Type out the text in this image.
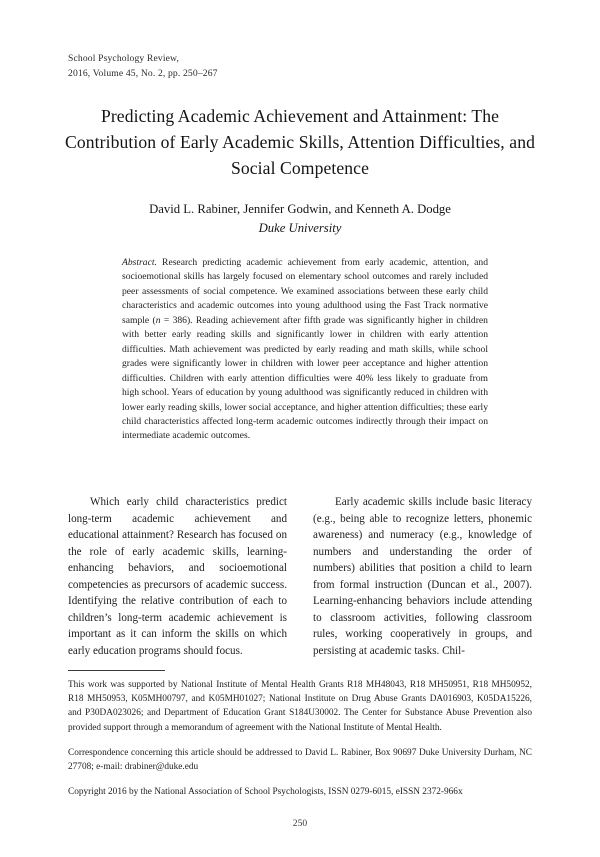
School Psychology Review,
2016, Volume 45, No. 2, pp. 250–267
Predicting Academic Achievement and Attainment: The Contribution of Early Academic Skills, Attention Difficulties, and Social Competence
David L. Rabiner, Jennifer Godwin, and Kenneth A. Dodge
Duke University
Abstract. Research predicting academic achievement from early academic, attention, and socioemotional skills has largely focused on elementary school outcomes and rarely included peer assessments of social competence. We examined associations between these early child characteristics and academic outcomes into young adulthood using the Fast Track normative sample (n = 386). Reading achievement after fifth grade was significantly higher in children with better early reading skills and significantly lower in children with early attention difficulties. Math achievement was predicted by early reading and math skills, while school grades were significantly lower in children with lower peer acceptance and higher attention difficulties. Children with early attention difficulties were 40% less likely to graduate from high school. Years of education by young adulthood was significantly reduced in children with lower early reading skills, lower social acceptance, and higher attention difficulties; these early child characteristics affected long-term academic outcomes indirectly through their impact on intermediate academic outcomes.

Which early child characteristics predict long-term academic achievement and educational attainment? Research has focused on the role of early academic skills, learning-enhancing behaviors, and socioemotional competencies as precursors of academic success. Identifying the relative contribution of each to children’s long-term academic achievement is important as it can inform the skills on which early education programs should focus.

Early academic skills include basic literacy (e.g., being able to recognize letters, phonemic awareness) and numeracy (e.g., knowledge of numbers and understanding the order of numbers) abilities that position a child to learn from formal instruction (Duncan et al., 2007). Learning-enhancing behaviors include attending to classroom activities, following classroom rules, working cooperatively in groups, and persisting at academic tasks. Chil-

This work was supported by National Institute of Mental Health Grants R18 MH48043, R18 MH50951, R18 MH50952, R18 MH50953, K05MH00797, and K05MH01027; National Institute on Drug Abuse Grants DA016903, K05DA15226, and P30DA023026; and Department of Education Grant S184U30002. The Center for Substance Abuse Prevention also provided support through a memorandum of agreement with the National Institute of Mental Health.

Correspondence concerning this article should be addressed to David L. Rabiner, Box 90697 Duke University Durham, NC 27708; e-mail: drabiner@duke.edu

Copyright 2016 by the National Association of School Psychologists, ISSN 0279-6015, eISSN 2372-966x

250
